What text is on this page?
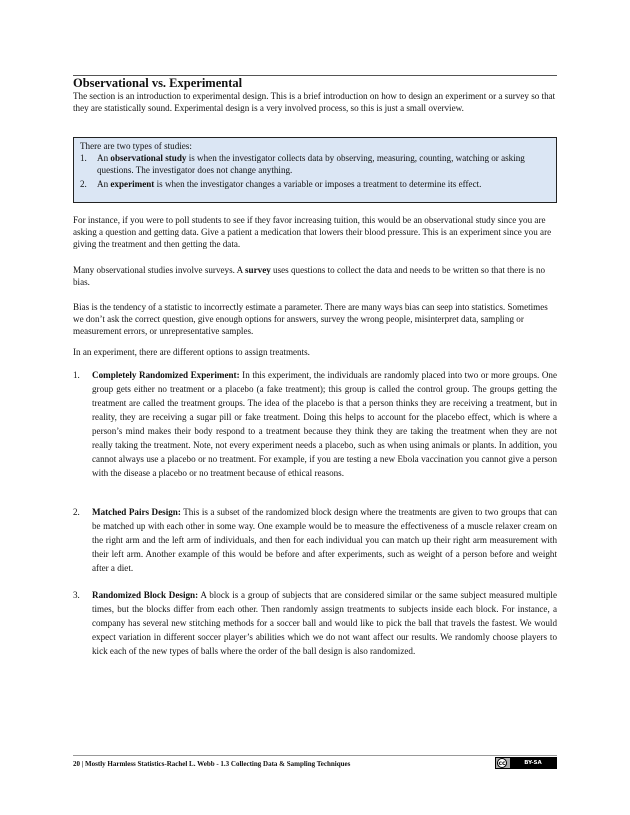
Observational vs. Experimental

The section is an introduction to experimental design. This is a brief introduction on how to design an experiment or a survey so that they are statistically sound. Experimental design is a very involved process, so this is just a small overview.

There are two types of studies:

1. An observational study is when the investigator collects data by observing, measuring, counting, watching or asking questions. The investigator does not change anything.

2. An experiment is when the investigator changes a variable or imposes a treatment to determine its effect.

For instance, if you were to poll students to see if they favor increasing tuition, this would be an observational study since you are asking a question and getting data. Give a patient a medication that lowers their blood pressure. This is an experiment since you are giving the treatment and then getting the data.

Many observational studies involve surveys. A survey uses questions to collect the data and needs to be written so that there is no bias.

Bias is the tendency of a statistic to incorrectly estimate a parameter. There are many ways bias can seep into statistics. Sometimes we don’t ask the correct question, give enough options for answers, survey the wrong people, misinterpret data, sampling or measurement errors, or unrepresentative samples.

In an experiment, there are different options to assign treatments.

1. Completely Randomized Experiment: In this experiment, the individuals are randomly placed into two or more groups. One group gets either no treatment or a placebo (a fake treatment); this group is called the control group. The groups getting the treatment are called the treatment groups. The idea of the placebo is that a person thinks they are receiving a treatment, but in reality, they are receiving a sugar pill or fake treatment. Doing this helps to account for the placebo effect, which is where a person’s mind makes their body respond to a treatment because they think they are taking the treatment when they are not really taking the treatment. Note, not every experiment needs a placebo, such as when using animals or plants. In addition, you cannot always use a placebo or no treatment. For example, if you are testing a new Ebola vaccination you cannot give a person with the disease a placebo or no treatment because of ethical reasons.
2. Matched Pairs Design: This is a subset of the randomized block design where the treatments are given to two groups that can be matched up with each other in some way. One example would be to measure the effectiveness of a muscle relaxer cream on the right arm and the left arm of individuals, and then for each individual you can match up their right arm measurement with their left arm. Another example of this would be before and after experiments, such as weight of a person before and weight after a diet.
3. Randomized Block Design: A block is a group of subjects that are considered similar or the same subject measured multiple times, but the blocks differ from each other. Then randomly assign treatments to subjects inside each block. For instance, a company has several new stitching methods for a soccer ball and would like to pick the ball that travels the fastest. We would expect variation in different soccer player’s abilities which we do not want affect our results. We randomly choose players to kick each of the new types of balls where the order of the ball design is also randomized.
20 | Mostly Harmless Statistics-Rachel L. Webb - 1.3 Collecting Data & Sampling Techniques	cc	BY-SA
